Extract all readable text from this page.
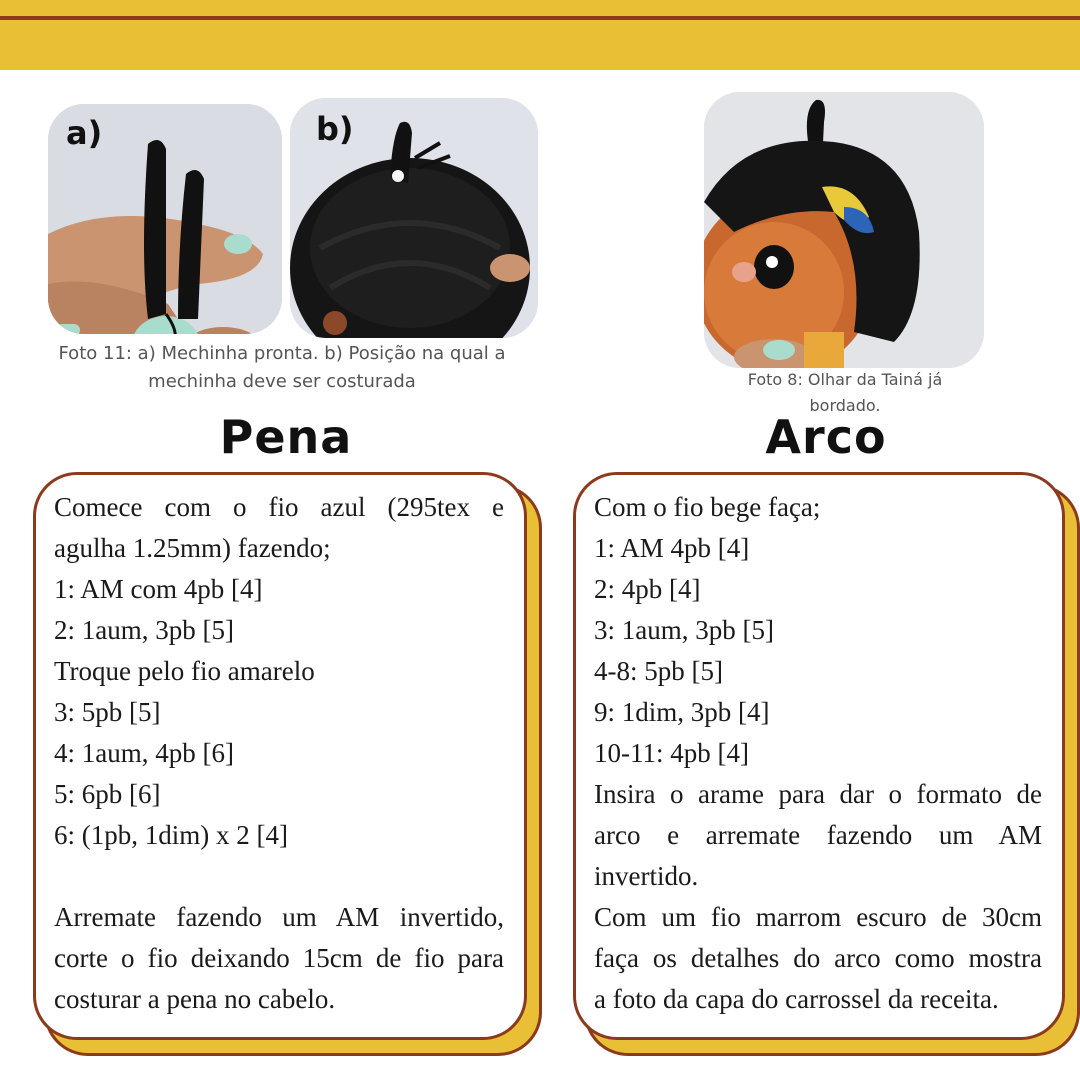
a)	b)
Foto 11: a) Mechinha pronta. b) Posição na qual a
mechinha deve ser costurada	Foto 8: Olhar da Tainá já
bordado.
Pena	Arco
Comece com o fio azul (295tex e
agulha 1.25mm) fazendo;
1: AM com 4pb [4]
2: 1aum, 3pb [5]
Troque pelo fio amarelo
3: 5pb [5]
4: 1aum, 4pb [6]
5: 6pb [6]
6: (1pb, 1dim) x 2 [4]
Arremate fazendo um AM invertido,
corte o fio deixando 15cm de fio para
costurar a pena no cabelo.
Com o fio bege faça;
1: AM 4pb [4]
2: 4pb [4]
3: 1aum, 3pb [5]
4-8: 5pb [5]
9: 1dim, 3pb [4]
10-11: 4pb [4]
Insira o arame para dar o formato de
arco e arremate fazendo um AM
invertido.
Com um fio marrom escuro de 30cm
faça os detalhes do arco como mostra
a foto da capa do carrossel da receita.
